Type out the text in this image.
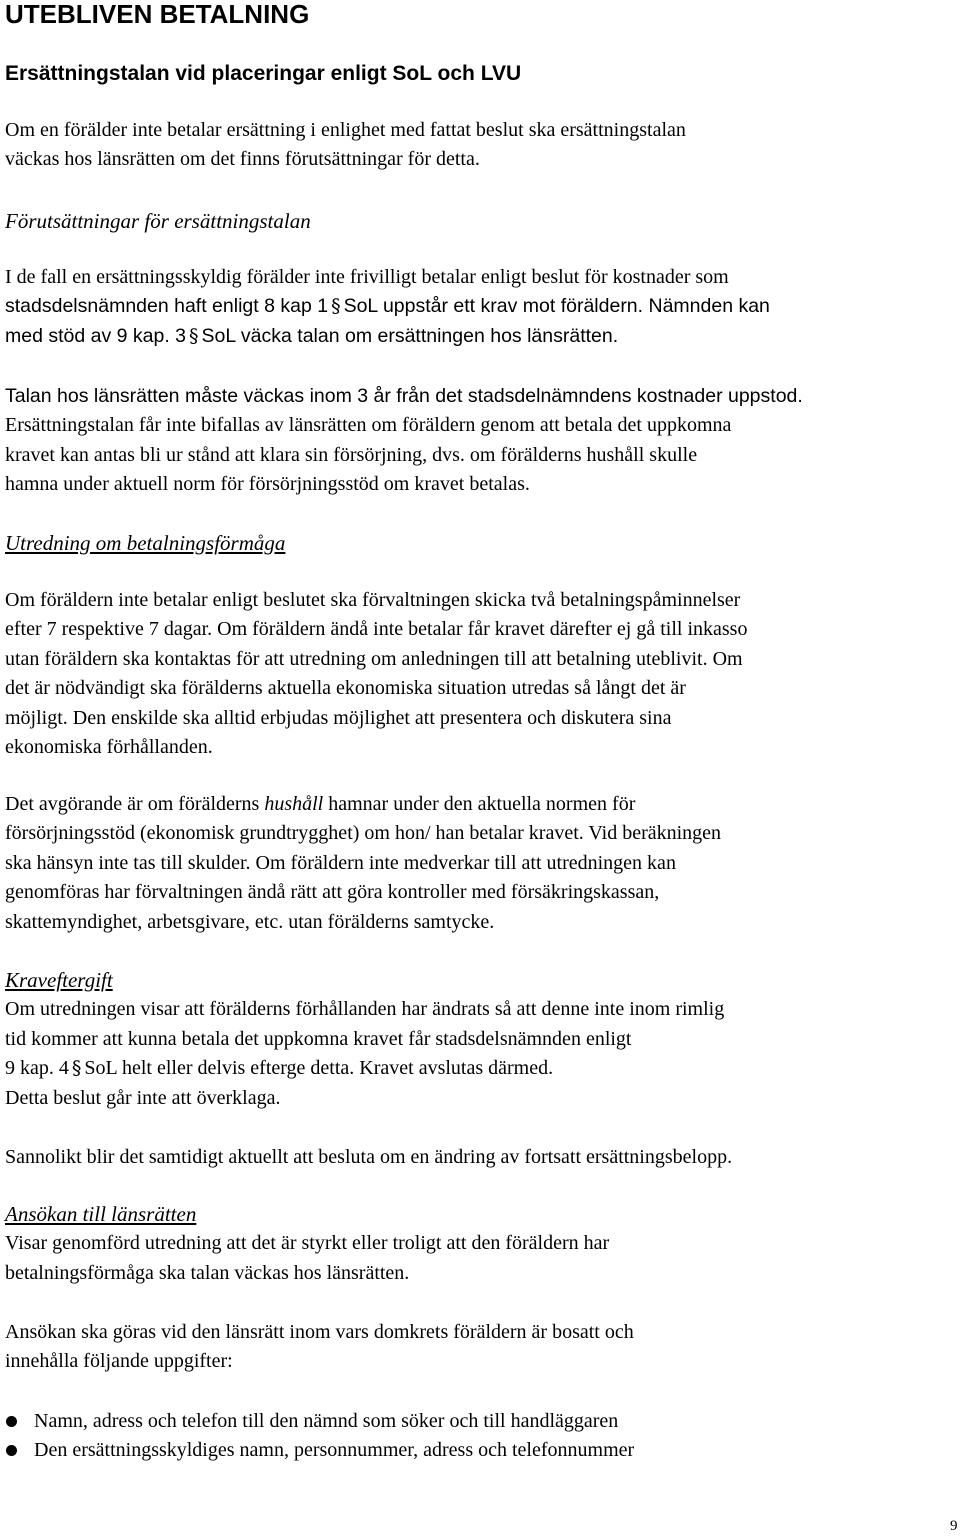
UTEBLIVEN BETALNING
Ersättningstalan vid placeringar enligt SoL och LVU

Om en förälder inte betalar ersättning i enlighet med fattat beslut ska ersättningstalan
väckas hos länsrätten om det finns förutsättningar för detta.

Förutsättningar för ersättningstalan

I de fall en ersättningsskyldig förälder inte frivilligt betalar enligt beslut för kostnader som
stadsdelsnämnden haft enligt 8 kap 1 § SoL uppstår ett krav mot föräldern. Nämnden kan
med stöd av 9 kap. 3 § SoL väcka talan om ersättningen hos länsrätten.

Talan hos länsrätten måste väckas inom 3 år från det stadsdelnämndens kostnader uppstod.
Ersättningstalan får inte bifallas av länsrätten om föräldern genom att betala det uppkomna
kravet kan antas bli ur stånd att klara sin försörjning, dvs. om förälderns hushåll skulle
hamna under aktuell norm för försörjningsstöd om kravet betalas.

Utredning om betalningsförmåga

Om föräldern inte betalar enligt beslutet ska förvaltningen skicka två betalningspåminnelser
efter 7 respektive 7 dagar. Om föräldern ändå inte betalar får kravet därefter ej gå till inkasso
utan föräldern ska kontaktas för att utredning om anledningen till att betalning uteblivit. Om
det är nödvändigt ska förälderns aktuella ekonomiska situation utredas så långt det är
möjligt. Den enskilde ska alltid erbjudas möjlighet att presentera och diskutera sina
ekonomiska förhållanden.

Det avgörande är om förälderns hushåll hamnar under den aktuella normen för
försörjningsstöd (ekonomisk grundtrygghet) om hon/ han betalar kravet. Vid beräkningen
ska hänsyn inte tas till skulder. Om föräldern inte medverkar till att utredningen kan
genomföras har förvaltningen ändå rätt att göra kontroller med försäkringskassan,
skattemyndighet, arbetsgivare, etc. utan förälderns samtycke.

Kraveftergift
Om utredningen visar att förälderns förhållanden har ändrats så att denne inte inom rimlig
tid kommer att kunna betala det uppkomna kravet får stadsdelsnämnden enligt
9 kap. 4 § SoL helt eller delvis efterge detta. Kravet avslutas därmed.
Detta beslut går inte att överklaga.

Sannolikt blir det samtidigt aktuellt att besluta om en ändring av fortsatt ersättningsbelopp.

Ansökan till länsrätten
Visar genomförd utredning att det är styrkt eller troligt att den föräldern har
betalningsförmåga ska talan väckas hos länsrätten.

Ansökan ska göras vid den länsrätt inom vars domkrets föräldern är bosatt och
innehålla följande uppgifter:

Namn, adress och telefon till den nämnd som söker och till handläggaren
Den ersättningsskyldiges namn, personnummer, adress och telefonnummer
9
